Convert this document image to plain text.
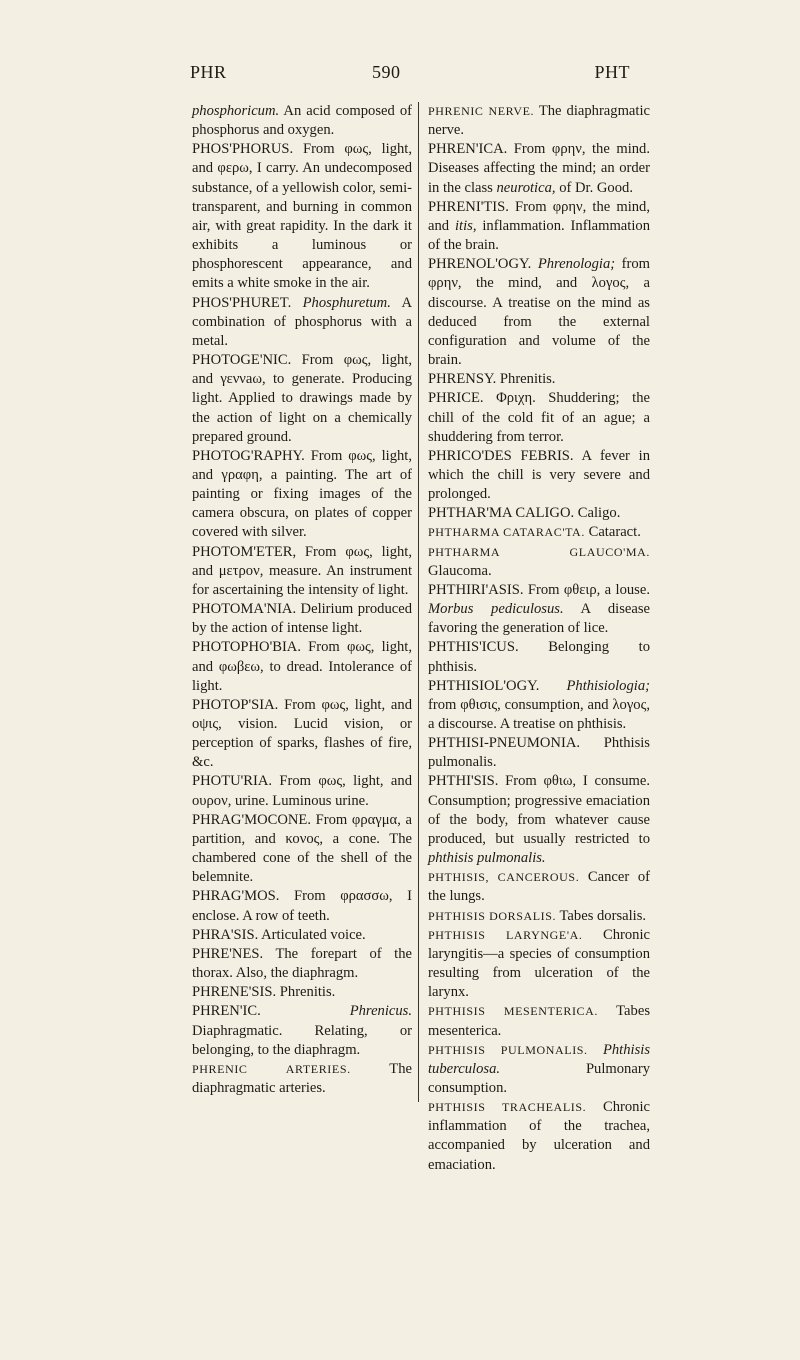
PHR	590	PHT

phosphoricum. An acid composed of phosphorus and oxygen.

PHOS'PHORUS. From φως, light, and φερω, I carry. An undecomposed substance, of a yellowish color, semi-transparent, and burning in common air, with great rapidity. In the dark it exhibits a luminous or phosphorescent appearance, and emits a white smoke in the air.

PHOS'PHURET. Phosphuretum. A combination of phosphorus with a metal.

PHOTOGE'NIC. From φως, light, and γεννaω, to generate. Producing light. Applied to drawings made by the action of light on a chemically prepared ground.

PHOTOG'RAPHY. From φως, light, and γραφη, a painting. The art of painting or fixing images of the camera obscura, on plates of copper covered with silver.

PHOTOM'ETER, From φως, light, and μετρον, measure. An instrument for ascertaining the intensity of light.

PHOTOMA'NIA. Delirium produced by the action of intense light.

PHOTOPHO'BIA. From φως, light, and φωβεω, to dread. Intolerance of light.

PHOTOP'SIA. From φως, light, and οψις, vision. Lucid vision, or perception of sparks, flashes of fire, &c.

PHOTU'RIA. From φως, light, and ουρον, urine. Luminous urine.

PHRAG'MOCONE. From φραγμα, a partition, and κονος, a cone. The chambered cone of the shell of the belemnite.

PHRAG'MOS. From φρασσω, I enclose. A row of teeth.

PHRA'SIS. Articulated voice.

PHRE'NES. The forepart of the thorax. Also, the diaphragm.

PHRENE'SIS. Phrenitis.

PHREN'IC. Phrenicus. Diaphragmatic. Relating, or belonging, to the diaphragm.

PHRENIC ARTERIES. The diaphragmatic arteries.

PHRENIC NERVE. The diaphragmatic nerve.

PHREN'ICA. From φρην, the mind. Diseases affecting the mind; an order in the class neurotica, of Dr. Good.

PHRENI'TIS. From φρην, the mind, and itis, inflammation. Inflammation of the brain.

PHRENOL'OGY. Phrenologia; from φρην, the mind, and λογος, a discourse. A treatise on the mind as deduced from the external configuration and volume of the brain.

PHRENSY. Phrenitis.

PHRICE. Φριχη. Shuddering; the chill of the cold fit of an ague; a shuddering from terror.

PHRICO'DES FEBRIS. A fever in which the chill is very severe and prolonged.

PHTHAR'MA CALIGO. Caligo.

PHTHARMA CATARAC'TA. Cataract.

PHTHARMA GLAUCO'MA. Glaucoma.

PHTHIRI'ASIS. From φθειρ, a louse. Morbus pediculosus. A disease favoring the generation of lice.

PHTHIS'ICUS. Belonging to phthisis.

PHTHISIOL'OGY. Phthisiologia; from φθισις, consumption, and λογος, a discourse. A treatise on phthisis.

PHTHISI-PNEUMONIA. Phthisis pulmonalis.

PHTHI'SIS. From φθιω, I consume. Consumption; progressive emaciation of the body, from whatever cause produced, but usually restricted to phthisis pulmonalis.

PHTHISIS, CANCEROUS. Cancer of the lungs.

PHTHISIS DORSALIS. Tabes dorsalis.

PHTHISIS LARYNGE'A. Chronic laryngitis—a species of consumption resulting from ulceration of the larynx.

PHTHISIS MESENTERICA. Tabes mesenterica.

PHTHISIS PULMONALIS. Phthisis tuberculosa. Pulmonary consumption.

PHTHISIS TRACHEALIS. Chronic inflammation of the trachea, accompanied by ulceration and emaciation.
